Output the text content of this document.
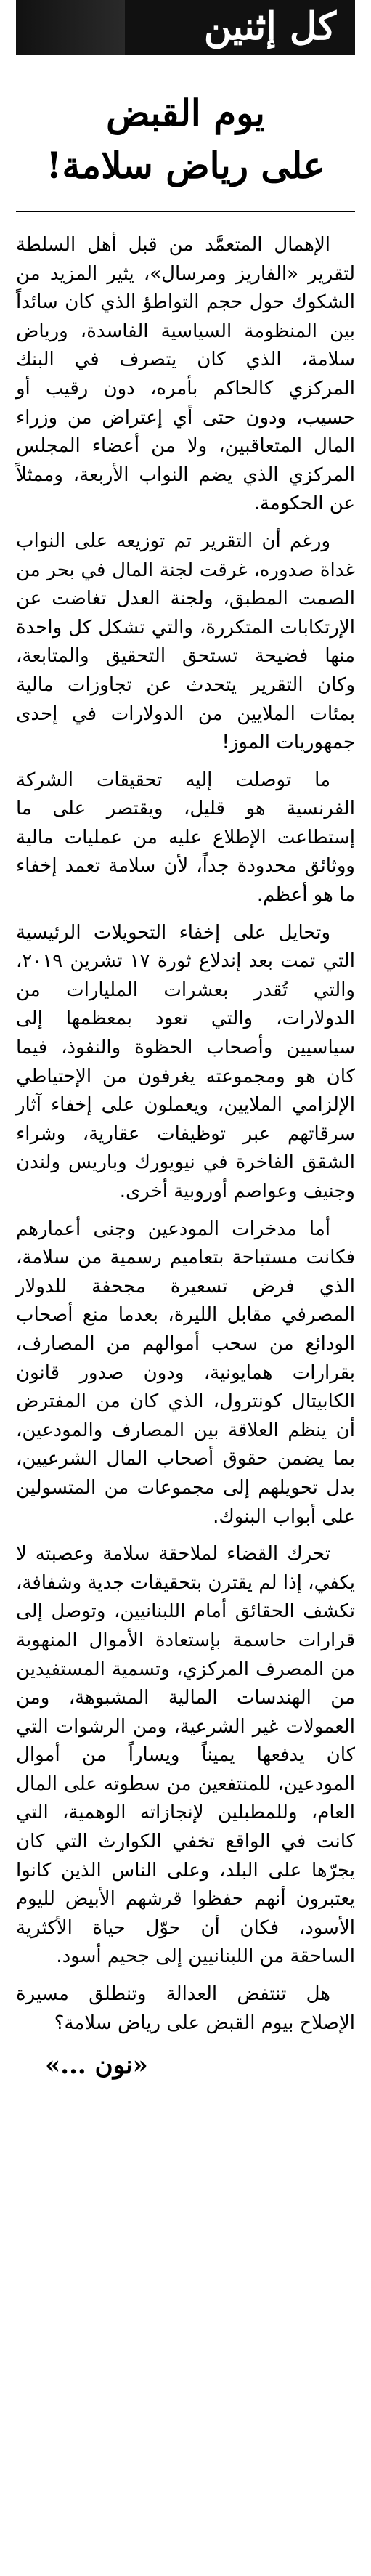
كل إثنين
يوم القبض
على رياض سلامة!

الإهمال المتعمَّد من قبل أهل السلطة لتقرير «الفاريز ومرسال»، يثير المزيد من الشكوك حول حجم التواطؤ الذي كان سائداً بين المنظومة السياسية الفاسدة، ورياض سلامة، الذي كان يتصرف في البنك المركزي كالحاكم بأمره، دون رقيب أو حسيب، ودون حتى أي إعتراض من وزراء المال المتعاقبين، ولا من أعضاء المجلس المركزي الذي يضم النواب الأربعة، وممثلاً عن الحكومة.

ورغم أن التقرير تم توزيعه على النواب غداة صدوره، غرقت لجنة المال في بحر من الصمت المطبق، ولجنة العدل تغاضت عن الإرتكابات المتكررة، والتي تشكل كل واحدة منها فضيحة تستحق التحقيق والمتابعة، وكان التقرير يتحدث عن تجاوزات مالية بمئات الملايين من الدولارات في إحدى جمهوريات الموز!

ما توصلت إليه تحقيقات الشركة الفرنسية هو قليل، ويقتصر على ما إستطاعت الإطلاع عليه من عمليات مالية ووثائق محدودة جداً، لأن سلامة تعمد إخفاء ما هو أعظم.

وتحايل على إخفاء التحويلات الرئيسية التي تمت بعد إندلاع ثورة ١٧ تشرين ٢٠١٩، والتي تُقدر بعشرات المليارات من الدولارات، والتي تعود بمعظمها إلى سياسيين وأصحاب الحظوة والنفوذ، فيما كان هو ومجموعته يغرفون من الإحتياطي الإلزامي الملايين، ويعملون على إخفاء آثار سرقاتهم عبر توظيفات عقارية، وشراء الشقق الفاخرة في نيويورك وباريس ولندن وجنيف وعواصم أوروبية أخرى.

أما مدخرات المودعين وجنى أعمارهم فكانت مستباحة بتعاميم رسمية من سلامة، الذي فرض تسعيرة مجحفة للدولار المصرفي مقابل الليرة، بعدما منع أصحاب الودائع من سحب أموالهم من المصارف، بقرارات همايونية، ودون صدور قانون الكابيتال كونترول، الذي كان من المفترض أن ينظم العلاقة بين المصارف والمودعين، بما يضمن حقوق أصحاب المال الشرعيين، بدل تحويلهم إلى مجموعات من المتسولين على أبواب البنوك.

تحرك القضاء لملاحقة سلامة وعصبته لا يكفي، إذا لم يقترن بتحقيقات جدية وشفافة، تكشف الحقائق أمام اللبنانيين، وتوصل إلى قرارات حاسمة بإستعادة الأموال المنهوبة من المصرف المركزي، وتسمية المستفيدين من الهندسات المالية المشبوهة، ومن العمولات غير الشرعية، ومن الرشوات التي كان يدفعها يميناً ويساراً من أموال المودعين، للمنتفعين من سطوته على المال العام، وللمطبلين لإنجازاته الوهمية، التي كانت في الواقع تخفي الكوارث التي كان يجرّها على البلد، وعلى الناس الذين كانوا يعتبرون أنهم حفظوا قرشهم الأبيض لليوم الأسود، فكان أن حوّل حياة الأكثرية الساحقة من اللبنانيين إلى جحيم أسود.

هل تنتفض العدالة وتنطلق مسيرة الإصلاح بيوم القبض على رياض سلامة؟

«نون ...»
